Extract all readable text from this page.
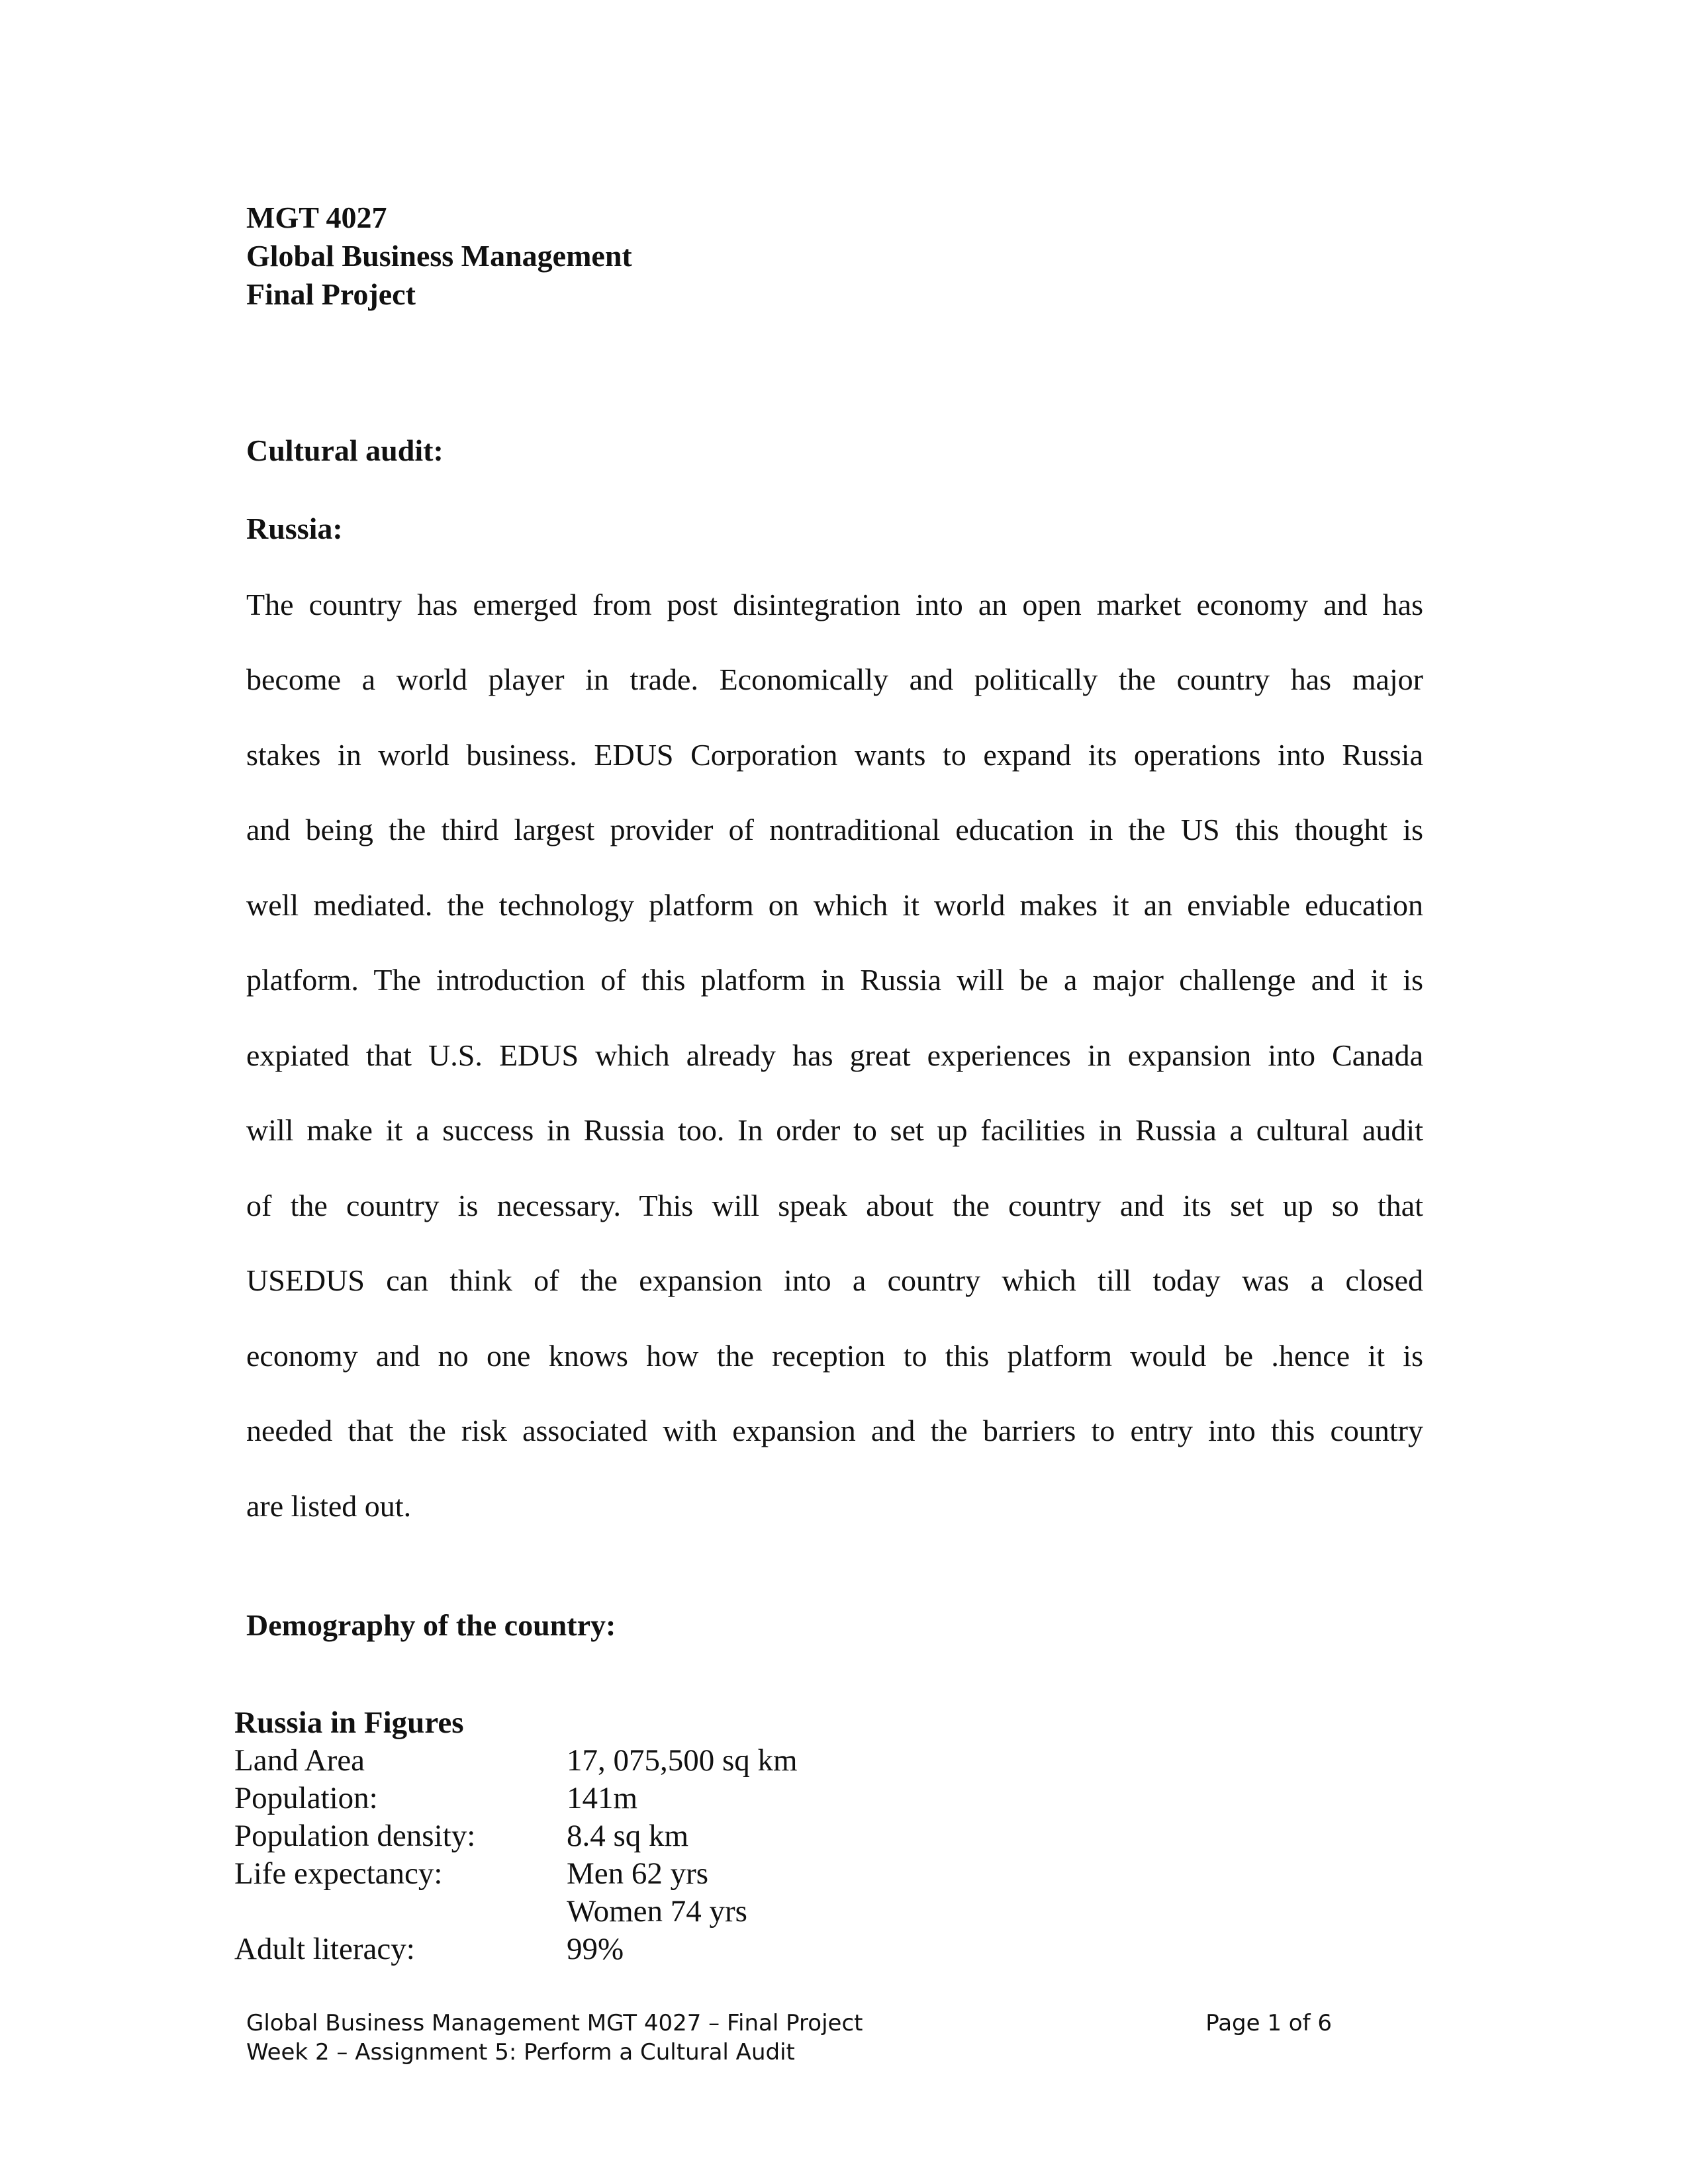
MGT 4027
Global Business Management
Final Project
Cultural audit:
Russia:
The country has emerged from post disintegration into an open market economy and has
become a world player in trade. Economically and politically the country has major
stakes in world business. EDUS Corporation wants to expand its operations into Russia
and being the third largest provider of nontraditional education in the US this thought is
well mediated. the technology platform on which it world makes it an enviable education
platform. The introduction of this platform in Russia will be a major challenge and it is
expiated that U.S. EDUS which already has great experiences in expansion into Canada
will make it a success in Russia too. In order to set up facilities in Russia a cultural audit
of the country is necessary. This will speak about the country and its set up so that
USEDUS can think of the expansion into a country which till today was a closed
economy and no one knows how the reception to this platform would be .hence it is
needed that the risk associated with expansion and the barriers to entry into this country
are listed out.
Demography of the country:
Russia in Figures
Land Area	17, 075,500 sq km
Population:	141m
Population density:	8.4 sq km
Life expectancy:	Men 62 yrs
Women 74 yrs
Adult literacy:	99%
Global Business Management MGT 4027 – Final Project	Page 1 of 6
Week 2 – Assignment 5: Perform a Cultural Audit
